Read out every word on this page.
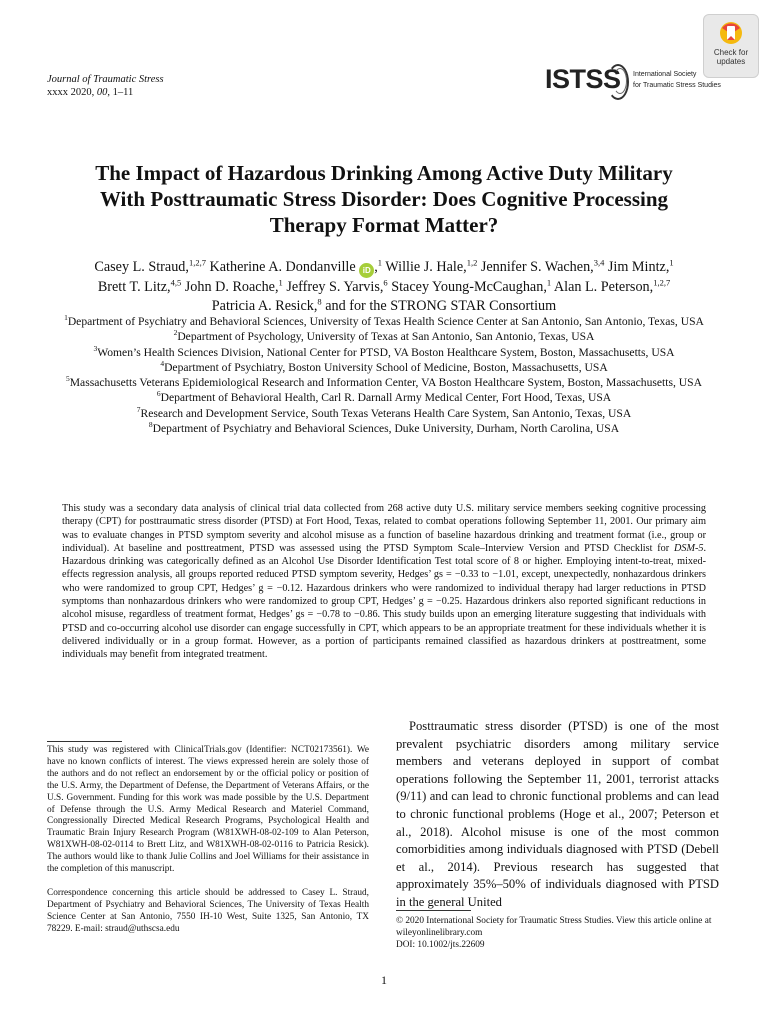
Journal of Traumatic Stress
xxxx 2020, 00, 1–11	ISTSS International Society
for Traumatic Stress Studies
Check for
updates
The Impact of Hazardous Drinking Among Active Duty Military
With Posttraumatic Stress Disorder: Does Cognitive Processing
Therapy Format Matter?
Casey L. Straud,$^{1,2,7}$ Katherine A. Dondanville iD ,$^1$ Willie J. Hale,$^{1,2}$ Jennifer S. Wachen,$^{3,4}$ Jim Mintz,$^1$
Brett T. Litz,$^{4,5}$ John D. Roache,$^1$ Jeffrey S. Yarvis,$^6$ Stacey Young-McCaughan,$^1$ Alan L. Peterson,$^{1,2,7}$
Patricia A. Resick,$^8$ and for the STRONG STAR Consortium
$^1$Department of Psychiatry and Behavioral Sciences, University of Texas Health Science Center at San Antonio, San Antonio, Texas, USA
$^2$Department of Psychology, University of Texas at San Antonio, San Antonio, Texas, USA
$^3$Women’s Health Sciences Division, National Center for PTSD, VA Boston Healthcare System, Boston, Massachusetts, USA
$^4$Department of Psychiatry, Boston University School of Medicine, Boston, Massachusetts, USA
$^5$Massachusetts Veterans Epidemiological Research and Information Center, VA Boston Healthcare System, Boston, Massachusetts, USA
$^6$Department of Behavioral Health, Carl R. Darnall Army Medical Center, Fort Hood, Texas, USA
$^7$Research and Development Service, South Texas Veterans Health Care System, San Antonio, Texas, USA
$^8$Department of Psychiatry and Behavioral Sciences, Duke University, Durham, North Carolina, USA
This study was a secondary data analysis of clinical trial data collected from 268 active duty U.S. military service members seeking cognitive processing therapy (CPT) for posttraumatic stress disorder (PTSD) at Fort Hood, Texas, related to combat operations following September 11, 2001. Our primary aim was to evaluate changes in PTSD symptom severity and alcohol misuse as a function of baseline hazardous drinking and treatment format (i.e., group or individual). At baseline and posttreatment, PTSD was assessed using the PTSD Symptom Scale–Interview Version and PTSD Checklist for DSM-5. Hazardous drinking was categorically defined as an Alcohol Use Disorder Identification Test total score of 8 or higher. Employing intent-to-treat, mixed-effects regression analysis, all groups reported reduced PTSD symptom severity, Hedges’ gs = −0.33 to −1.01, except, unexpectedly, nonhazardous drinkers who were randomized to group CPT, Hedges’ g = −0.12. Hazardous drinkers who were randomized to individual therapy had larger reductions in PTSD symptoms than nonhazardous drinkers who were randomized to group CPT, Hedges’ g = −0.25. Hazardous drinkers also reported significant reductions in alcohol misuse, regardless of treatment format, Hedges’ gs = −0.78 to −0.86. This study builds upon an emerging literature suggesting that individuals with PTSD and co-occurring alcohol use disorder can engage successfully in CPT, which appears to be an appropriate treatment for these individuals whether it is delivered individually or in a group format. However, as a portion of participants remained classified as hazardous drinkers at posttreatment, some individuals may benefit from integrated treatment.

This study was registered with ClinicalTrials.gov (Identifier: NCT02173561). We have no known conflicts of interest. The views expressed herein are solely those of the authors and do not reflect an endorsement by or the official policy or position of the U.S. Army, the Department of Defense, the Department of Veterans Affairs, or the U.S. Government. Funding for this work was made possible by the U.S. Department of Defense through the U.S. Army Medical Research and Materiel Command, Congressionally Directed Medical Research Programs, Psychological Health and Traumatic Brain Injury Research Program (W81XWH-08-02-109 to Alan Peterson, W81XWH-08-02-0114 to Brett Litz, and W81XWH-08-02-0116 to Patricia Resick). The authors would like to thank Julie Collins and Joel Williams for their assistance in the completion of this manuscript.

Correspondence concerning this article should be addressed to Casey L. Straud, Department of Psychiatry and Behavioral Sciences, The University of Texas Health Science Center at San Antonio, 7550 IH-10 West, Suite 1325, San Antonio, TX 78229. E-mail: straud@uthscsa.edu

Posttraumatic stress disorder (PTSD) is one of the most prevalent psychiatric disorders among military service members and veterans deployed in support of combat operations following the September 11, 2001, terrorist attacks (9/11) and can lead to chronic functional problems and can lead to chronic functional problems (Hoge et al., 2007; Peterson et al., 2018). Alcohol misuse is one of the most common comorbidities among individuals diagnosed with PTSD (Debell et al., 2014). Previous research has suggested that approximately 35%–50% of individuals diagnosed with PTSD in the general United

© 2020 International Society for Traumatic Stress Studies. View this article online at wileyonlinelibrary.com
DOI: 10.1002/jts.22609
1
